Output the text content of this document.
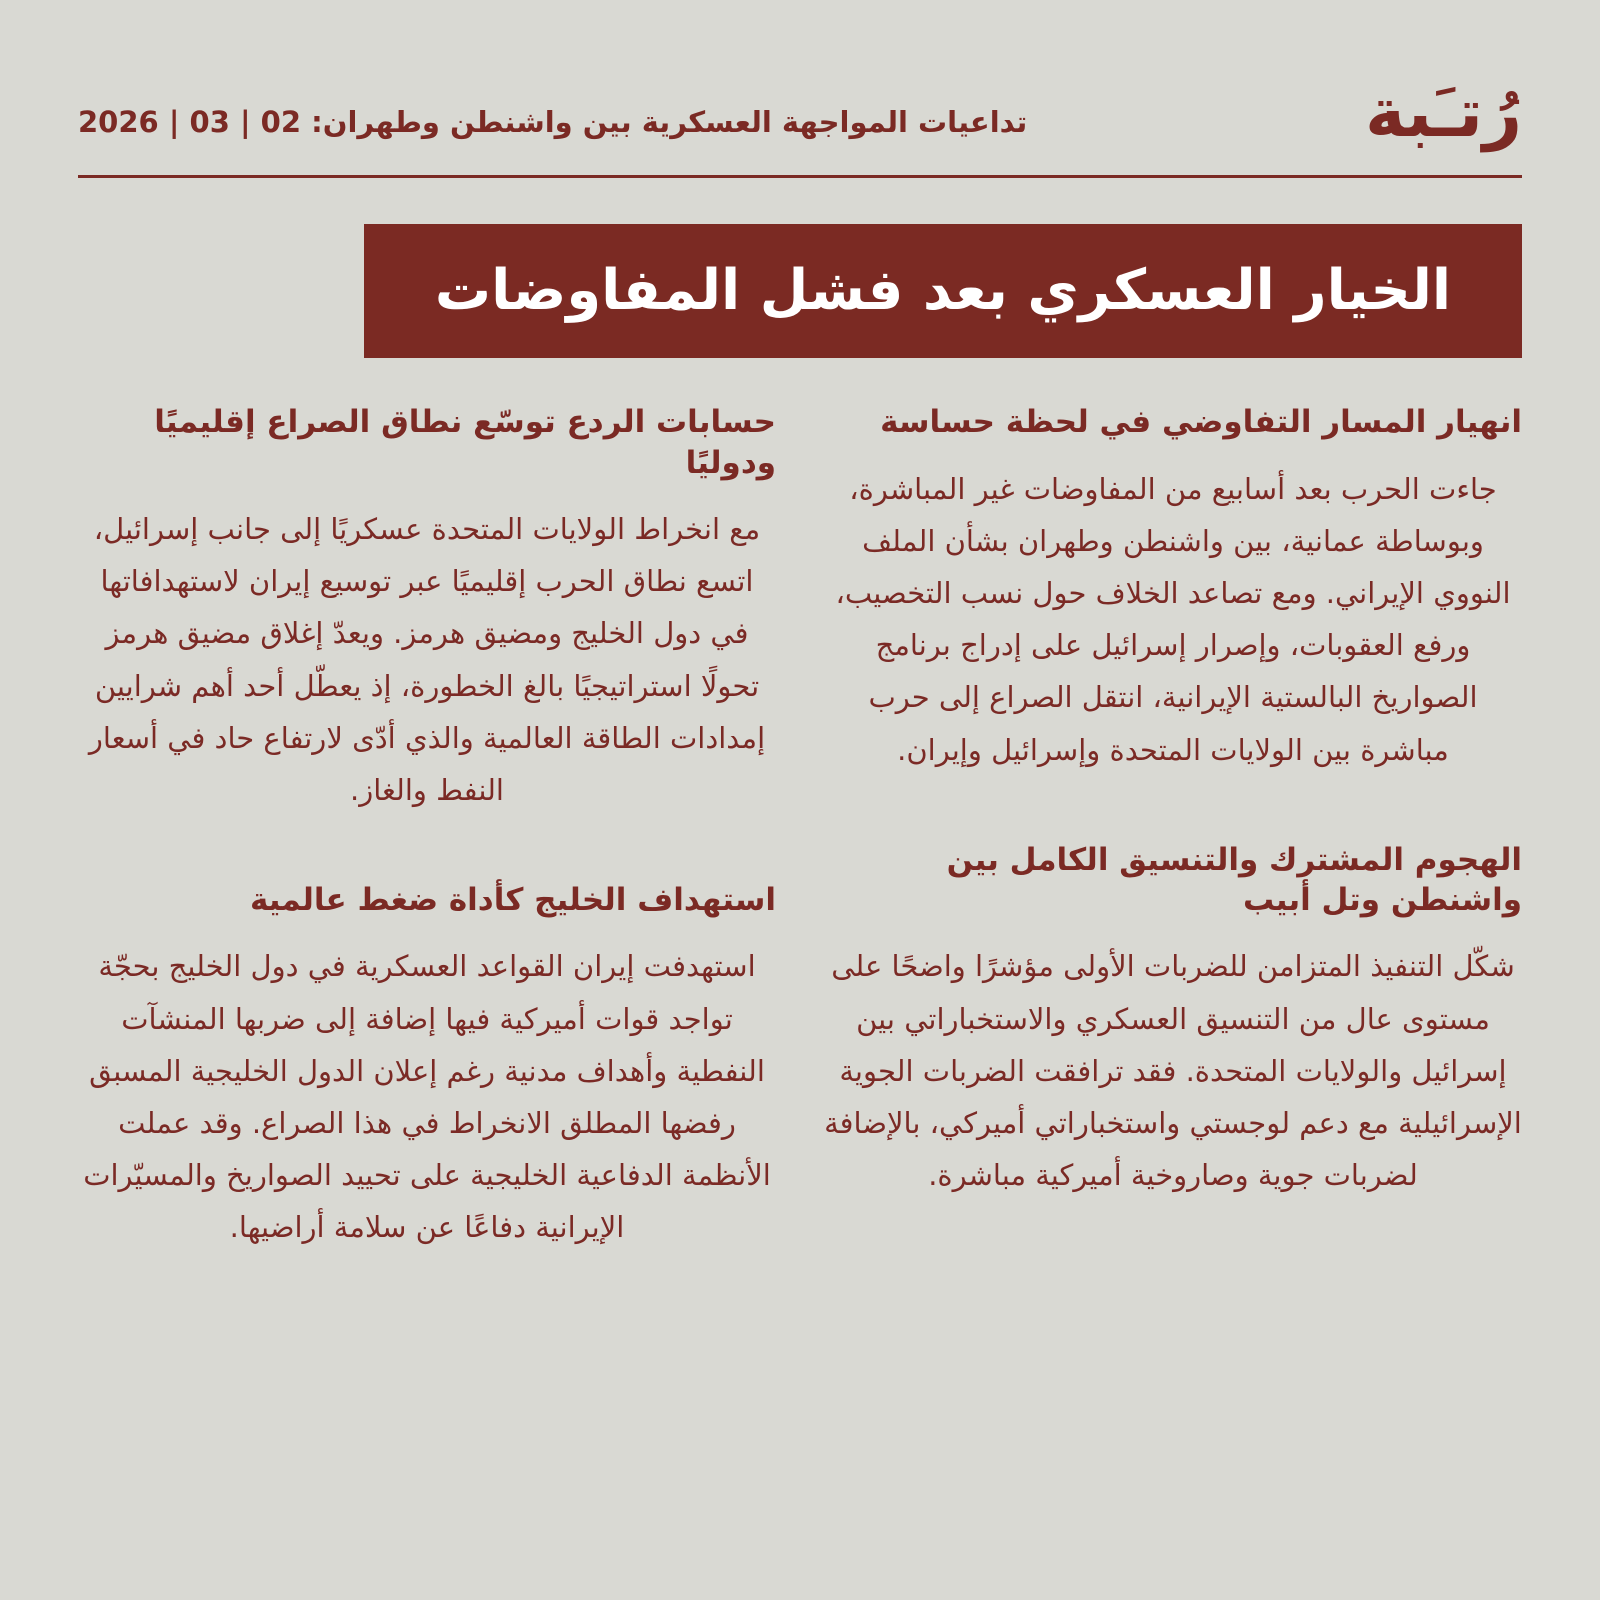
رُتـَبة
تداعيات المواجهة العسكرية بين واشنطن وطهران: 02 | 03 | 2026
الخيار العسكري بعد فشل المفاوضات
انهيار المسار التفاوضي في لحظة حساسة

جاءت الحرب بعد أسابيع من المفاوضات غير المباشرة، وبوساطة عمانية، بين واشنطن وطهران بشأن الملف النووي الإيراني. ومع تصاعد الخلاف حول نسب التخصيب، ورفع العقوبات، وإصرار إسرائيل على إدراج برنامج الصواريخ البالستية الإيرانية، انتقل الصراع إلى حرب مباشرة بين الولايات المتحدة وإسرائيل وإيران.

الهجوم المشترك والتنسيق الكامل بين واشنطن وتل أبيب

شكّل التنفيذ المتزامن للضربات الأولى مؤشرًا واضحًا على مستوى عال من التنسيق العسكري والاستخباراتي بين إسرائيل والولايات المتحدة. فقد ترافقت الضربات الجوية الإسرائيلية مع دعم لوجستي واستخباراتي أميركي، بالإضافة لضربات جوية وصاروخية أميركية مباشرة.

حسابات الردع توسّع نطاق الصراع إقليميًا ودوليًا

مع انخراط الولايات المتحدة عسكريًا إلى جانب إسرائيل، اتسع نطاق الحرب إقليميًا عبر توسيع إيران لاستهدافاتها في دول الخليج ومضيق هرمز. ويعدّ إغلاق مضيق هرمز تحولًا استراتيجيًا بالغ الخطورة، إذ يعطّل أحد أهم شرايين إمدادات الطاقة العالمية والذي أدّى لارتفاع حاد في أسعار النفط والغاز.

استهداف الخليج كأداة ضغط عالمية

استهدفت إيران القواعد العسكرية في دول الخليج بحجّة تواجد قوات أميركية فيها إضافة إلى ضربها المنشآت النفطية وأهداف مدنية رغم إعلان الدول الخليجية المسبق رفضها المطلق الانخراط في هذا الصراع. وقد عملت الأنظمة الدفاعية الخليجية على تحييد الصواريخ والمسيّرات الإيرانية دفاعًا عن سلامة أراضيها.
